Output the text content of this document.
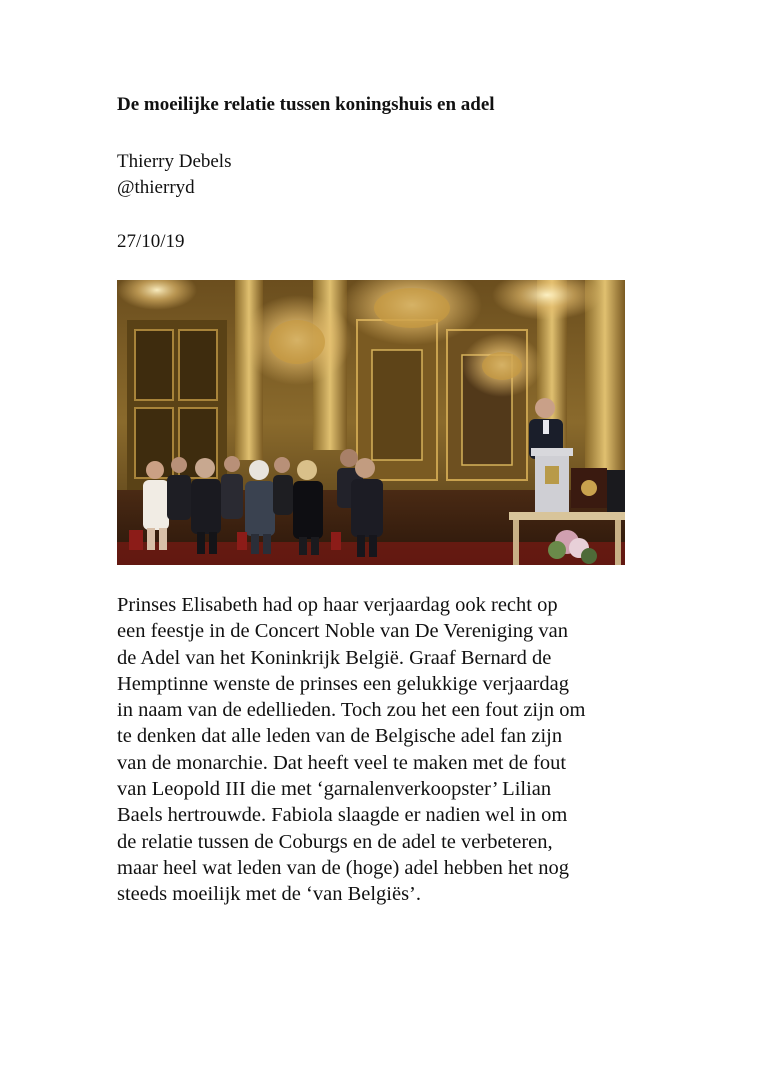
De moeilijke relatie tussen koningshuis en adel
Thierry Debels
@thierryd
27/10/19
Prinses Elisabeth had op haar verjaardag ook recht op
een feestje in de Concert Noble van De Vereniging van
de Adel van het Koninkrijk België. Graaf Bernard de
Hemptinne wenste de prinses een gelukkige verjaardag
in naam van de edellieden. Toch zou het een fout zijn om
te denken dat alle leden van de Belgische adel fan zijn
van de monarchie. Dat heeft veel te maken met de fout
van Leopold III die met ‘garnalenverkoopster’ Lilian
Baels hertrouwde. Fabiola slaagde er nadien wel in om
de relatie tussen de Coburgs en de adel te verbeteren,
maar heel wat leden van de (hoge) adel hebben het nog
steeds moeilijk met de ‘van Belgiës’.
